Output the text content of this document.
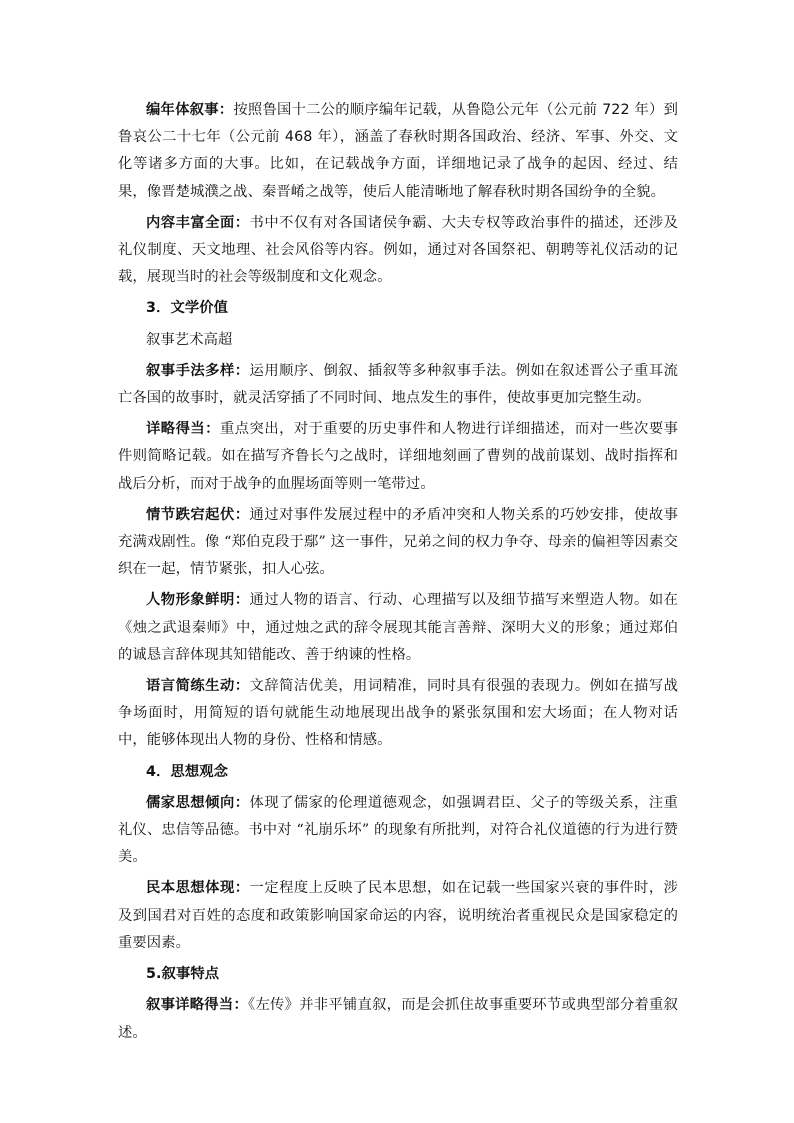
编年体叙事：按照鲁国十二公的顺序编年记载，从鲁隐公元年（公元前 722 年）到鲁哀公二十七年（公元前 468 年），涵盖了春秋时期各国政治、经济、军事、外交、文化等诸多方面的大事。比如，在记载战争方面，详细地记录了战争的起因、经过、结果，像晋楚城濮之战、秦晋崤之战等，使后人能清晰地了解春秋时期各国纷争的全貌。

内容丰富全面：书中不仅有对各国诸侯争霸、大夫专权等政治事件的描述，还涉及礼仪制度、天文地理、社会风俗等内容。例如，通过对各国祭祀、朝聘等礼仪活动的记载，展现当时的社会等级制度和文化观念。

3．文学价值

叙事艺术高超

叙事手法多样：运用顺序、倒叙、插叙等多种叙事手法。例如在叙述晋公子重耳流亡各国的故事时，就灵活穿插了不同时间、地点发生的事件，使故事更加完整生动。

详略得当：重点突出，对于重要的历史事件和人物进行详细描述，而对一些次要事件则简略记载。如在描写齐鲁长勺之战时，详细地刻画了曹刿的战前谋划、战时指挥和战后分析，而对于战争的血腥场面等则一笔带过。

情节跌宕起伏：通过对事件发展过程中的矛盾冲突和人物关系的巧妙安排，使故事充满戏剧性。像 “郑伯克段于鄢” 这一事件，兄弟之间的权力争夺、母亲的偏袒等因素交织在一起，情节紧张，扣人心弦。

人物形象鲜明：通过人物的语言、行动、心理描写以及细节描写来塑造人物。如在《烛之武退秦师》中，通过烛之武的辞令展现其能言善辩、深明大义的形象；通过郑伯的诚恳言辞体现其知错能改、善于纳谏的性格。

语言简练生动：文辞简洁优美，用词精准，同时具有很强的表现力。例如在描写战争场面时，用简短的语句就能生动地展现出战争的紧张氛围和宏大场面；在人物对话中，能够体现出人物的身份、性格和情感。

4．思想观念

儒家思想倾向：体现了儒家的伦理道德观念，如强调君臣、父子的等级关系，注重礼仪、忠信等品德。书中对 “礼崩乐坏” 的现象有所批判，对符合礼仪道德的行为进行赞美。

民本思想体现：一定程度上反映了民本思想，如在记载一些国家兴衰的事件时，涉及到国君对百姓的态度和政策影响国家命运的内容，说明统治者重视民众是国家稳定的重要因素。

5.叙事特点

叙事详略得当：《左传》并非平铺直叙，而是会抓住故事重要环节或典型部分着重叙述。
